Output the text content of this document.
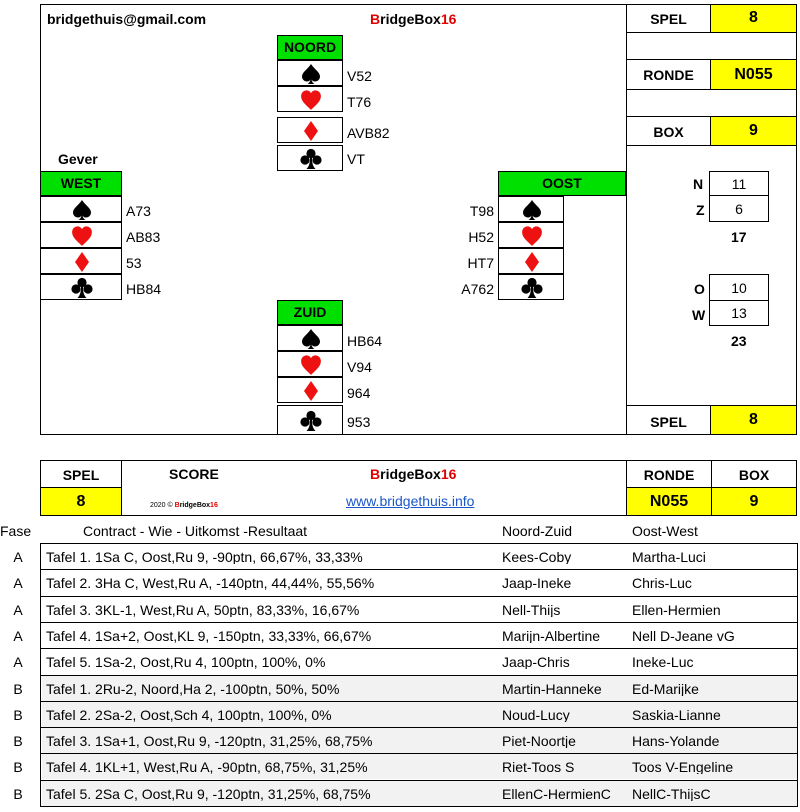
bridgethuis@gmail.com	BridgeBox16
NOORD
V52
T76
AVB82
VT
Gever
WEST
A73
AB83
53
HB84
OOST
T98
H52
HT7
A762
ZUID
HB64
V94
964
953
SPEL	8
RONDE	N055
BOX	9
N	11
Z	6
17
O	10
W	13
23
SPEL	8
SPEL
8
SCORE	BridgeBox16
2020 © BridgeBox16	www.bridgethuis.info
RONDE	BOX
N055	9
Fase	Contract - Wie - Uitkomst -Resultaat	Noord-Zuid	Oost-West
A	Tafel 1. 1Sa C, Oost,Ru 9, -90ptn, 66,67%, 33,33%	Kees-Coby	Martha-Luci
A	Tafel 2. 3Ha C, West,Ru A, -140ptn, 44,44%, 55,56%	Jaap-Ineke	Chris-Luc
A	Tafel 3. 3KL-1, West,Ru A, 50ptn, 83,33%, 16,67%	Nell-Thijs	Ellen-Hermien
A	Tafel 4. 1Sa+2, Oost,KL 9, -150ptn, 33,33%, 66,67%	Marijn-Albertine	Nell D-Jeane vG
A	Tafel 5. 1Sa-2, Oost,Ru 4, 100ptn, 100%, 0%	Jaap-Chris	Ineke-Luc
B	Tafel 1. 2Ru-2, Noord,Ha 2, -100ptn, 50%, 50%	Martin-Hanneke	Ed-Marijke
B	Tafel 2. 2Sa-2, Oost,Sch 4, 100ptn, 100%, 0%	Noud-Lucy	Saskia-Lianne
B	Tafel 3. 1Sa+1, Oost,Ru 9, -120ptn, 31,25%, 68,75%	Piet-Noortje	Hans-Yolande
B	Tafel 4. 1KL+1, West,Ru A, -90ptn, 68,75%, 31,25%	Riet-Toos S	Toos V-Engeline
B	Tafel 5. 2Sa C, Oost,Ru 9, -120ptn, 31,25%, 68,75%	EllenC-HermienC	NellC-ThijsC
